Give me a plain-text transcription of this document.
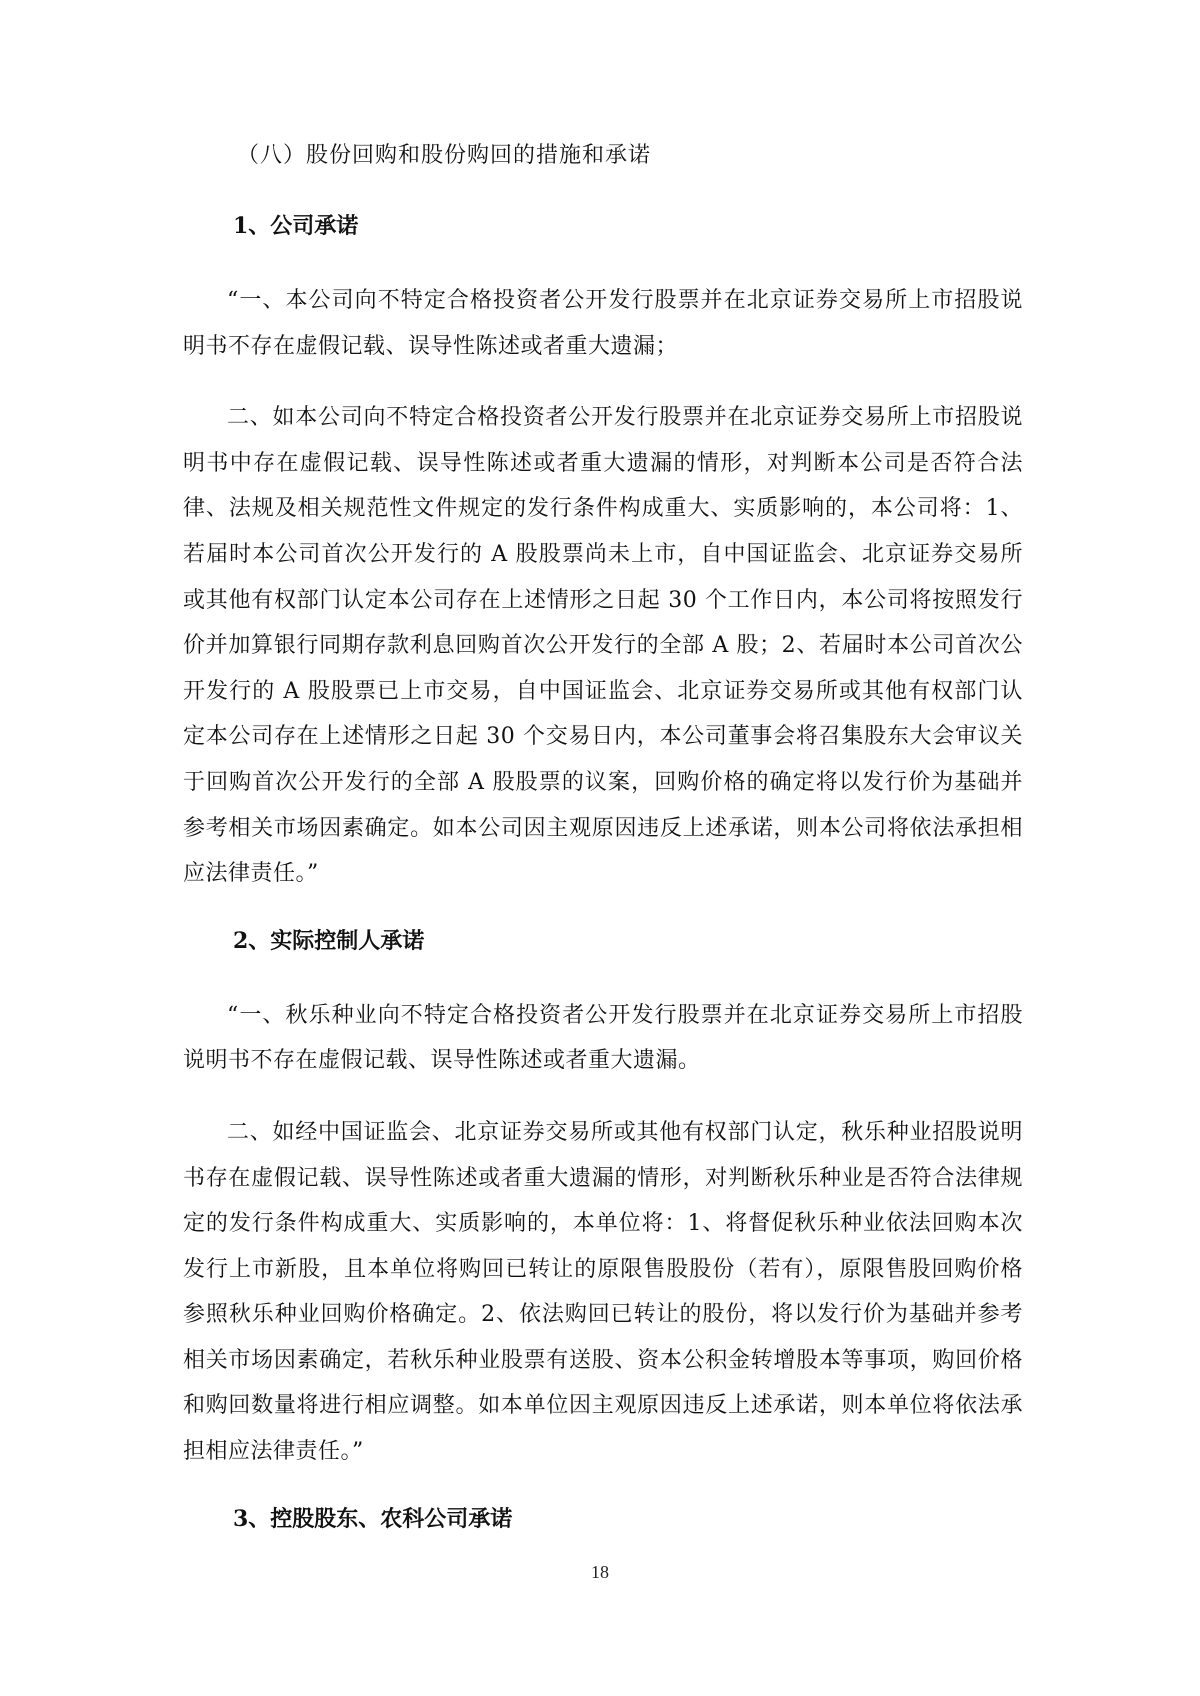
（八）股份回购和股份购回的措施和承诺
1、公司承诺

“一、本公司向不特定合格投资者公开发行股票并在北京证券交易所上市招股说明书不存在虚假记载、误导性陈述或者重大遗漏；

二、如本公司向不特定合格投资者公开发行股票并在北京证券交易所上市招股说明书中存在虚假记载、误导性陈述或者重大遗漏的情形，对判断本公司是否符合法律、法规及相关规范性文件规定的发行条件构成重大、实质影响的，本公司将：1、若届时本公司首次公开发行的 A 股股票尚未上市，自中国证监会、北京证券交易所或其他有权部门认定本公司存在上述情形之日起 30 个工作日内，本公司将按照发行价并加算银行同期存款利息回购首次公开发行的全部 A 股；2、若届时本公司首次公开发行的 A 股股票已上市交易，自中国证监会、北京证券交易所或其他有权部门认定本公司存在上述情形之日起 30 个交易日内，本公司董事会将召集股东大会审议关于回购首次公开发行的全部 A 股股票的议案，回购价格的确定将以发行价为基础并参考相关市场因素确定。如本公司因主观原因违反上述承诺，则本公司将依法承担相应法律责任。”

2、实际控制人承诺

“一、秋乐种业向不特定合格投资者公开发行股票并在北京证券交易所上市招股说明书不存在虚假记载、误导性陈述或者重大遗漏。

二、如经中国证监会、北京证券交易所或其他有权部门认定，秋乐种业招股说明书存在虚假记载、误导性陈述或者重大遗漏的情形，对判断秋乐种业是否符合法律规定的发行条件构成重大、实质影响的，本单位将：1、将督促秋乐种业依法回购本次发行上市新股，且本单位将购回已转让的原限售股股份（若有），原限售股回购价格参照秋乐种业回购价格确定。2、依法购回已转让的股份，将以发行价为基础并参考相关市场因素确定，若秋乐种业股票有送股、资本公积金转增股本等事项，购回价格和购回数量将进行相应调整。如本单位因主观原因违反上述承诺，则本单位将依法承担相应法律责任。”

3、控股股东、农科公司承诺
18
